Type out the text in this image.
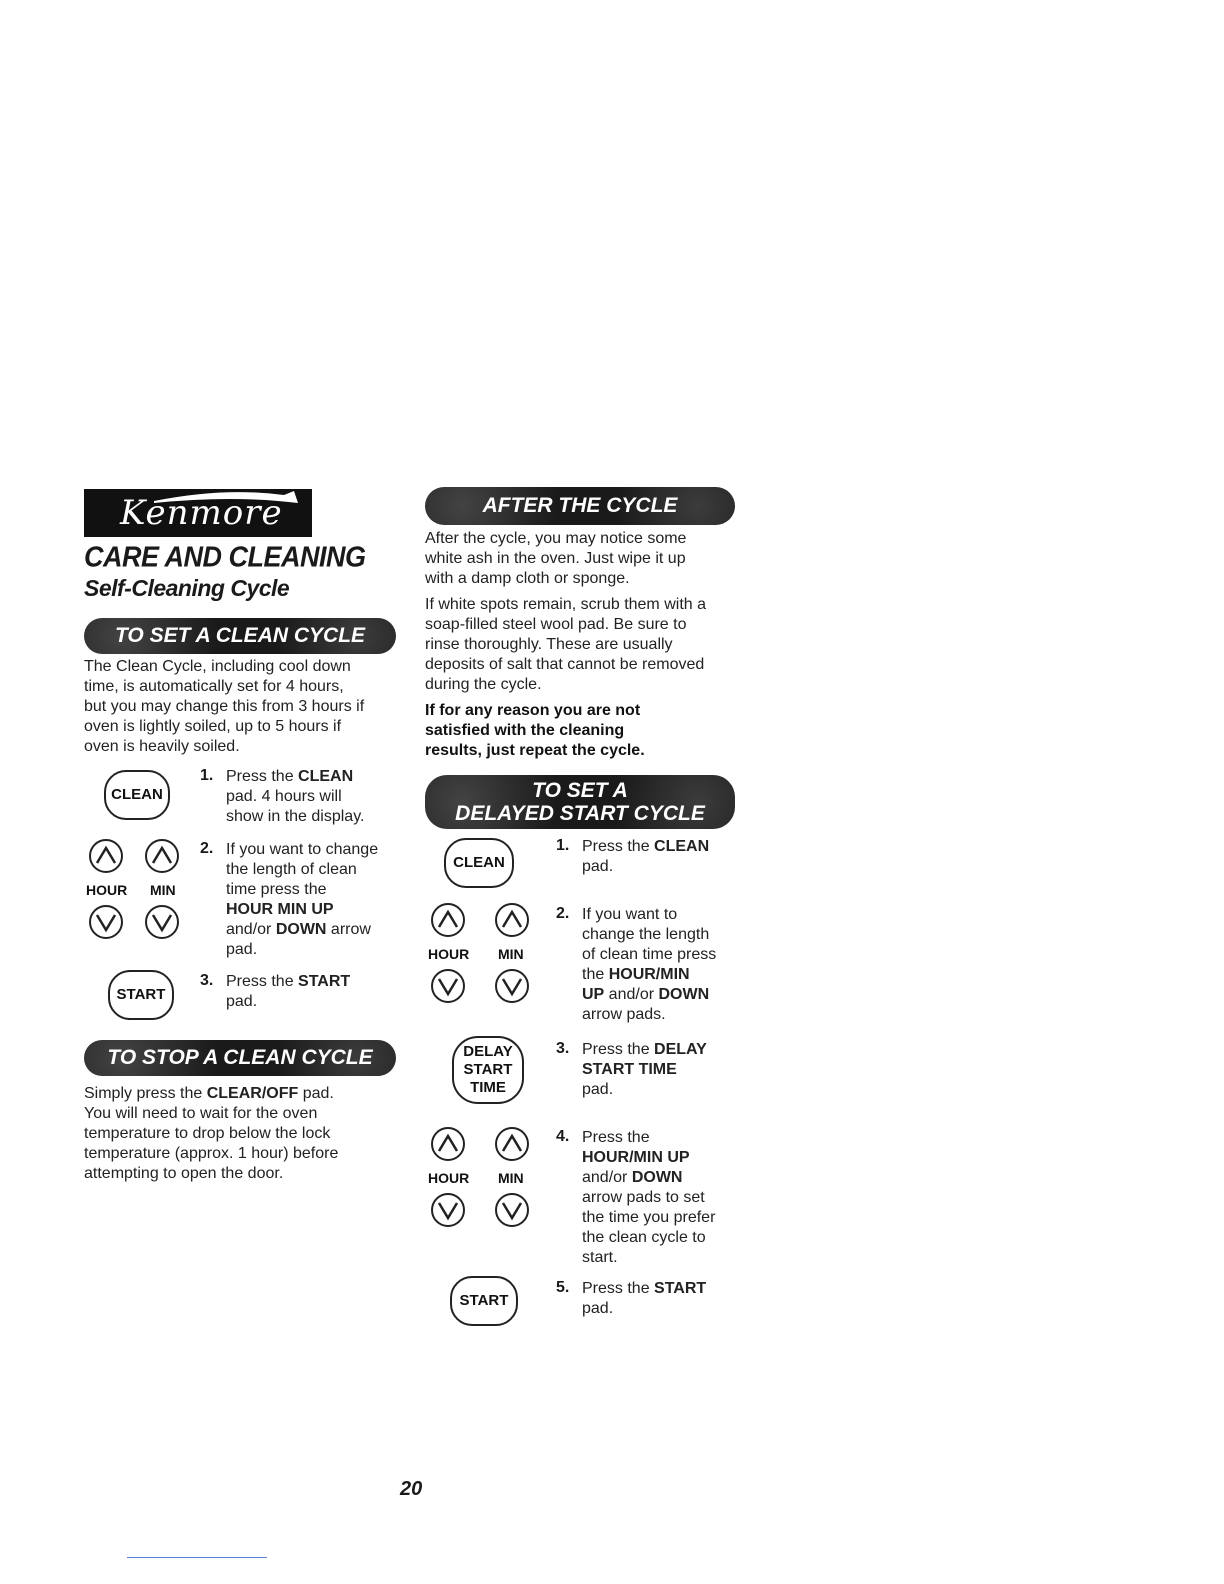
Kenmore
CARE AND CLEANING
Self-Cleaning Cycle
TO SET A CLEAN CYCLE
The Clean Cycle, including cool down
time, is automatically set for 4 hours,
but you may change this from 3 hours if
oven is lightly soiled, up to 5 hours if
oven is heavily soiled.
CLEAN
1. Press the CLEAN
pad. 4 hours will
show in the display.
HOUR MIN
2. If you want to change
the length of clean
time press the
HOUR MIN UP
and/or DOWN arrow
pad.
START
3. Press the START
pad.
TO STOP A CLEAN CYCLE
Simply press the CLEAR/OFF pad.
You will need to wait for the oven
temperature to drop below the lock
temperature (approx. 1 hour) before
attempting to open the door.
AFTER THE CYCLE
After the cycle, you may notice some
white ash in the oven. Just wipe it up
with a damp cloth or sponge.
If white spots remain, scrub them with a
soap-filled steel wool pad. Be sure to
rinse thoroughly. These are usually
deposits of salt that cannot be removed
during the cycle.
If for any reason you are not
satisfied with the cleaning
results, just repeat the cycle.
TO SET A
DELAYED START CYCLE
CLEAN
1. Press the CLEAN
pad.
HOUR MIN
2. If you want to
change the length
of clean time press
the HOUR/MIN
UP and/or DOWN
arrow pads.
DELAY
START
TIME
3. Press the DELAY
START TIME
pad.
HOUR MIN
4. Press the
HOUR/MIN UP
and/or DOWN
arrow pads to set
the time you prefer
the clean cycle to
start.
START
5. Press the START
pad.
20
